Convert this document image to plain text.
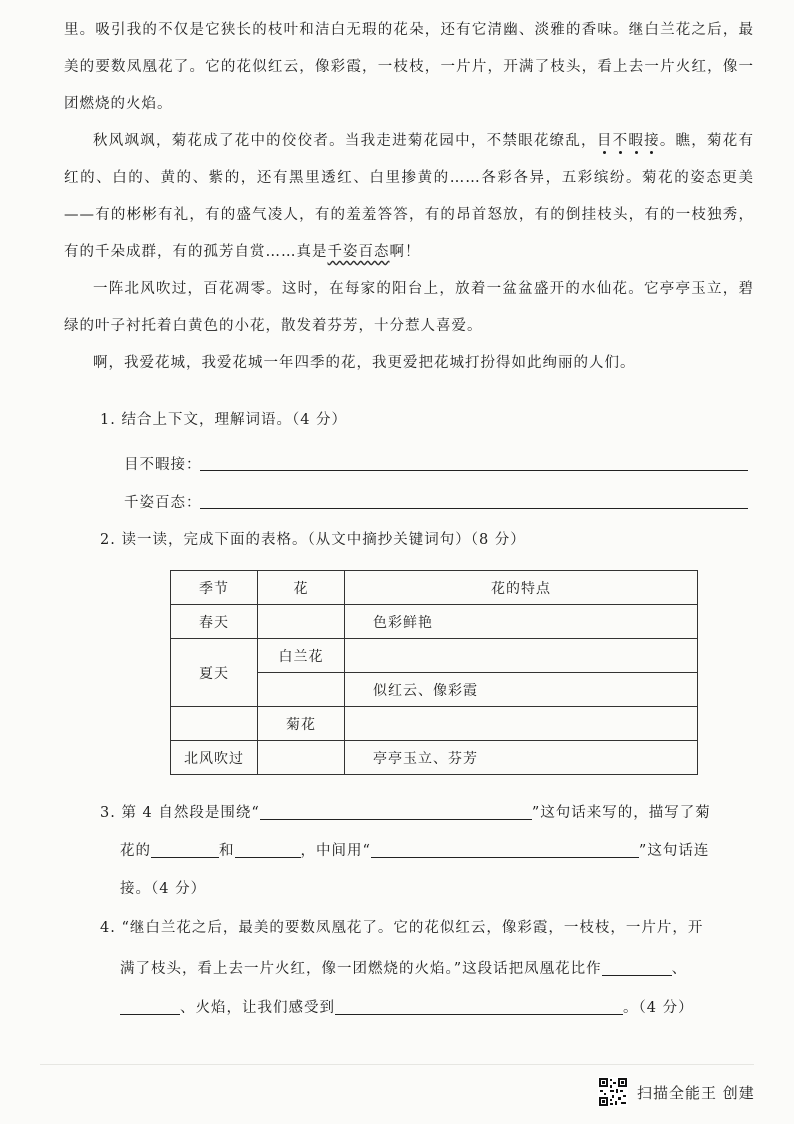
里。吸引我的不仅是它狭长的枝叶和洁白无瑕的花朵，还有它清幽、淡雅的香味。继白兰花之后，最美的要数凤凰花了。它的花似红云，像彩霞，一枝枝，一片片，开满了枝头，看上去一片火红，像一团燃烧的火焰。

秋风飒飒，菊花成了花中的佼佼者。当我走进菊花园中，不禁眼花缭乱，目不暇接。瞧，菊花有红的、白的、黄的、紫的，还有黑里透红、白里掺黄的……各彩各异，五彩缤纷。菊花的姿态更美——有的彬彬有礼，有的盛气凌人，有的羞羞答答，有的昂首怒放，有的倒挂枝头，有的一枝独秀，有的千朵成群，有的孤芳自赏……真是千姿百态啊！

一阵北风吹过，百花凋零。这时，在每家的阳台上，放着一盆盆盛开的水仙花。它亭亭玉立，碧绿的叶子衬托着白黄色的小花，散发着芬芳，十分惹人喜爱。

啊，我爱花城，我爱花城一年四季的花，我更爱把花城打扮得如此绚丽的人们。

1. 结合上下文，理解词语。（4 分）

目不暇接：
千姿百态：

2. 读一读，完成下面的表格。（从文中摘抄关键词句）（8 分）

季节	花	花的特点
春天		色彩鲜艳
夏天	白兰花	
		似红云、像彩霞
	菊花	
北风吹过		亭亭玉立、芬芳
3. 第 4 自然段是围绕“	”这句话来写的，描写了菊
花的	和	，中间用“	”这句话连
接。（4 分）
4. “继白兰花之后，最美的要数凤凰花了。它的花似红云，像彩霞，一枝枝，一片片，开
满了枝头，看上去一片火红，像一团燃烧的火焰。”这段话把凤凰花比作	、
、火焰，让我们感受到	。（4 分）
扫描全能王 创建
